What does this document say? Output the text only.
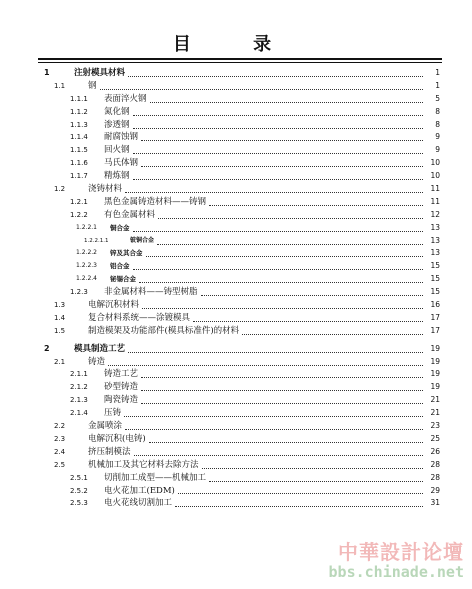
目 录
1	注射模具材料	1
1.1	钢	1
1.1.1	表面淬火钢	5
1.1.2	氮化钢	8
1.1.3	渗透钢	8
1.1.4	耐腐蚀钢	9
1.1.5	回火钢	9
1.1.6	马氏体钢	10
1.1.7	精炼钢	10
1.2	浇铸材料	11
1.2.1	黑色金属铸造材料——铸钢	11
1.2.2	有色金属材料	12
1.2.2.1	铜合金	13
1.2.2.1.1	铍铜合金	13
1.2.2.2	锌及其合金	13
1.2.2.3	铝合金	15
1.2.2.4	铋锡合金	15
1.2.3	非金属材料——铸型树脂	15
1.3	电解沉积材料	16
1.4	复合材料系统——涂镀模具	17
1.5	制造模架及功能部件(模具标准件)的材料	17
2	模具制造工艺	19
2.1	铸造	19
2.1.1	铸造工艺	19
2.1.2	砂型铸造	19
2.1.3	陶瓷铸造	21
2.1.4	压铸	21
2.2	金属喷涂	23
2.3	电解沉积(电铸)	25
2.4	挤压制模法	26
2.5	机械加工及其它材料去除方法	28
2.5.1	切削加工成型——机械加工	28
2.5.2	电火花加工(EDM)	29
2.5.3	电火花线切割加工	31
中華設計论壇
bbs.chinade.net
